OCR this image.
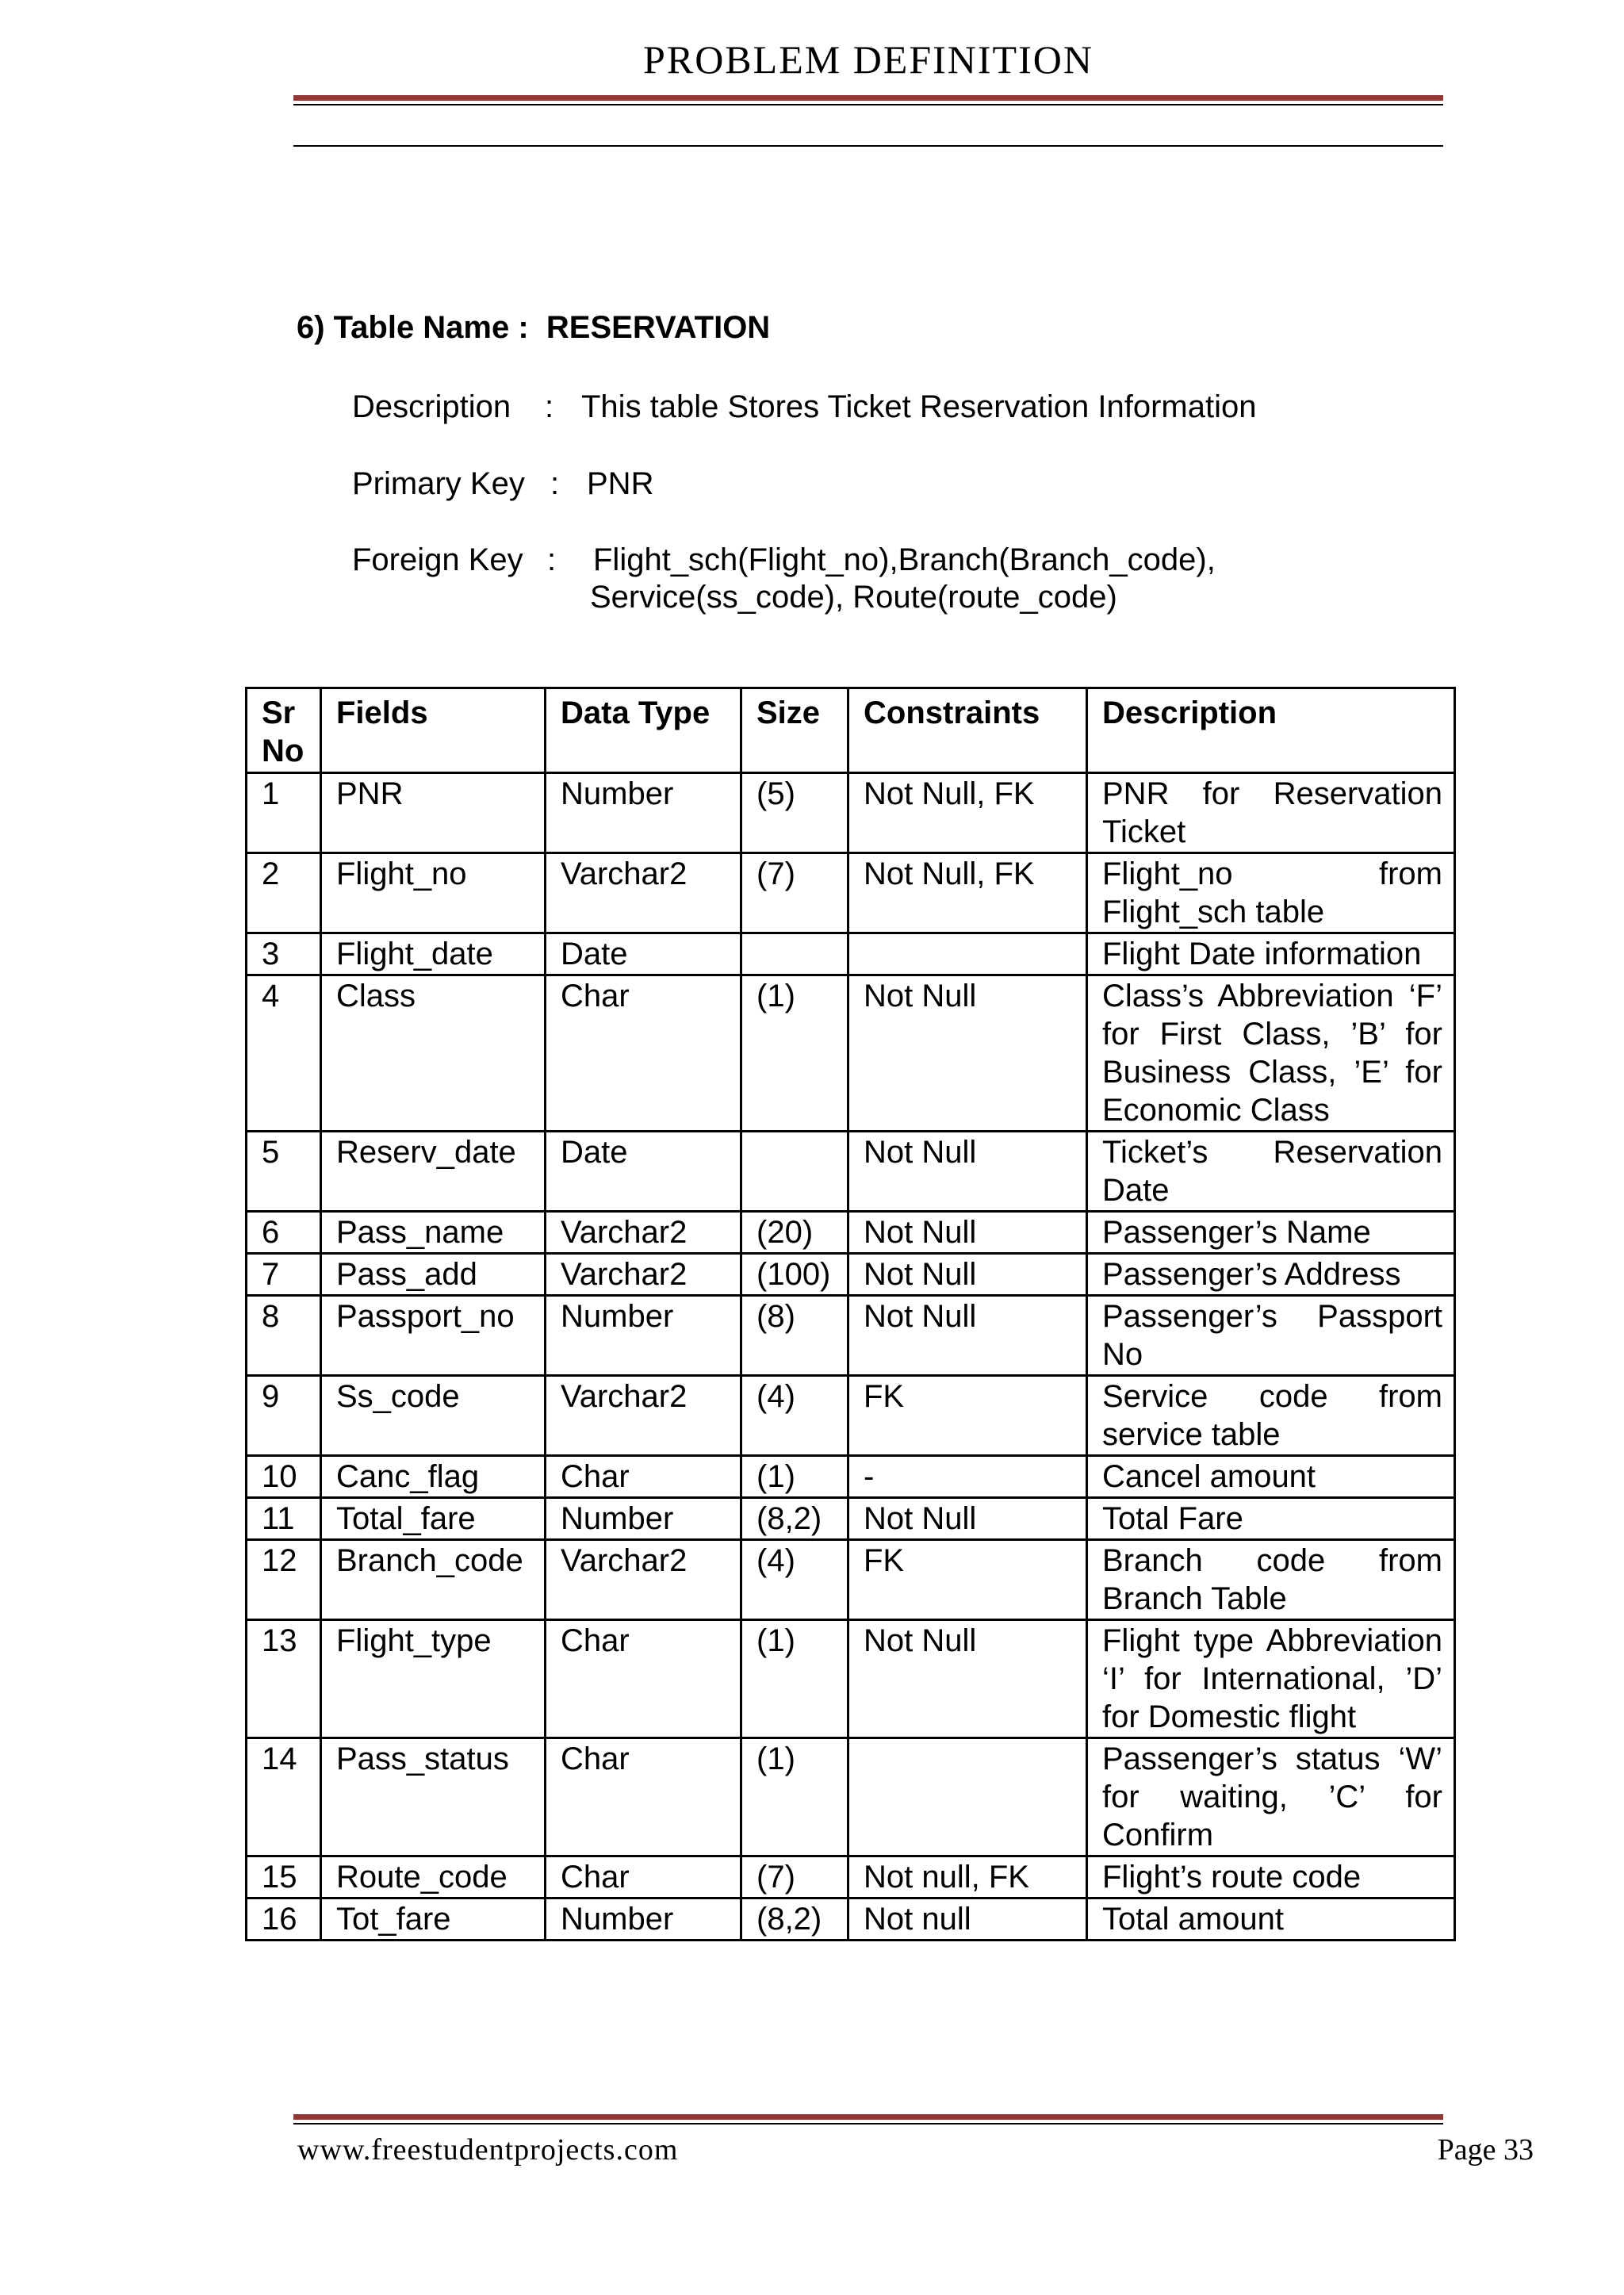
PROBLEM DEFINITION
6) Table Name : RESERVATION
Description : This table Stores Ticket Reservation Information
Primary Key : PNR
Foreign Key : Flight_sch(Flight_no),Branch(Branch_code),
Service(ss_code), Route(route_code)
Sr No	Fields	Data Type	Size	Constraints	Description
1	PNR	Number	(5)	Not Null, FK	PNR for Reservation Ticket
2	Flight_no	Varchar2	(7)	Not Null, FK	Flight_no from Flight_sch table
3	Flight_date	Date			Flight Date information
4	Class	Char	(1)	Not Null	Class’s Abbreviation ‘F’ for First Class, ’B’ for Business Class, ’E’ for Economic Class
5	Reserv_date	Date		Not Null	Ticket’s Reservation Date
6	Pass_name	Varchar2	(20)	Not Null	Passenger’s Name
7	Pass_add	Varchar2	(100)	Not Null	Passenger’s Address
8	Passport_no	Number	(8)	Not Null	Passenger’s Passport No
9	Ss_code	Varchar2	(4)	FK	Service code from service table
10	Canc_flag	Char	(1)	-	Cancel amount
11	Total_fare	Number	(8,2)	Not Null	Total Fare
12	Branch_code	Varchar2	(4)	FK	Branch code from Branch Table
13	Flight_type	Char	(1)	Not Null	Flight type Abbreviation ‘I’ for International, ’D’ for Domestic flight
14	Pass_status	Char	(1)		Passenger’s status ‘W’ for waiting, ’C’ for Confirm
15	Route_code	Char	(7)	Not null, FK	Flight’s route code
16	Tot_fare	Number	(8,2)	Not null	Total amount
www.freestudentprojects.com	Page 33
